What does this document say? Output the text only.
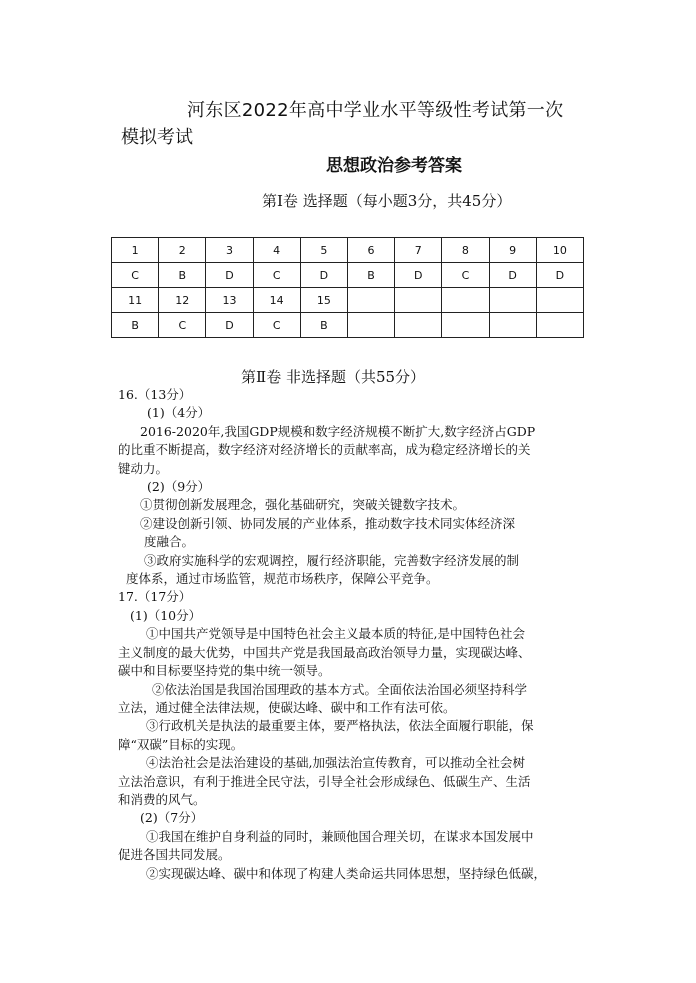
河东区2022年高中学业水平等级性考试第一次
模拟考试
思想政治参考答案
第Ⅰ卷 选择题（每小题3分，共45分）
1	2	3	4	5	6	7	8	9	10
C	B	D	C	D	B	D	C	D	D
11	12	13	14	15					
B	C	D	C	B					
第Ⅱ卷 非选择题（共55分）

16.（13分）

(1)（4分）

2016-2020年,我国GDP规模和数字经济规模不断扩大,数字经济占GDP

的比重不断提高，数字经济对经济增长的贡献率高，成为稳定经济增长的关

键动力。

(2)（9分）

①贯彻创新发展理念，强化基础研究，突破关键数字技术。

②建设创新引领、协同发展的产业体系，推动数字技术同实体经济深

度融合。

③政府实施科学的宏观调控，履行经济职能，完善数字经济发展的制

度体系，通过市场监管，规范市场秩序，保障公平竞争。

17.（17分）

(1)（10分）

①中国共产党领导是中国特色社会主义最本质的特征,是中国特色社会

主义制度的最大优势，中国共产党是我国最高政治领导力量，实现碳达峰、

碳中和目标要坚持党的集中统一领导。

②依法治国是我国治国理政的基本方式。全面依法治国必须坚持科学

立法，通过健全法律法规，使碳达峰、碳中和工作有法可依。

③行政机关是执法的最重要主体，要严格执法，依法全面履行职能，保

障“双碳”目标的实现。

④法治社会是法治建设的基础,加强法治宣传教育，可以推动全社会树

立法治意识，有利于推进全民守法，引导全社会形成绿色、低碳生产、生活

和消费的风气。

(2)（7分）

①我国在维护自身利益的同时，兼顾他国合理关切，在谋求本国发展中

促进各国共同发展。

②实现碳达峰、碳中和体现了构建人类命运共同体思想，坚持绿色低碳，
